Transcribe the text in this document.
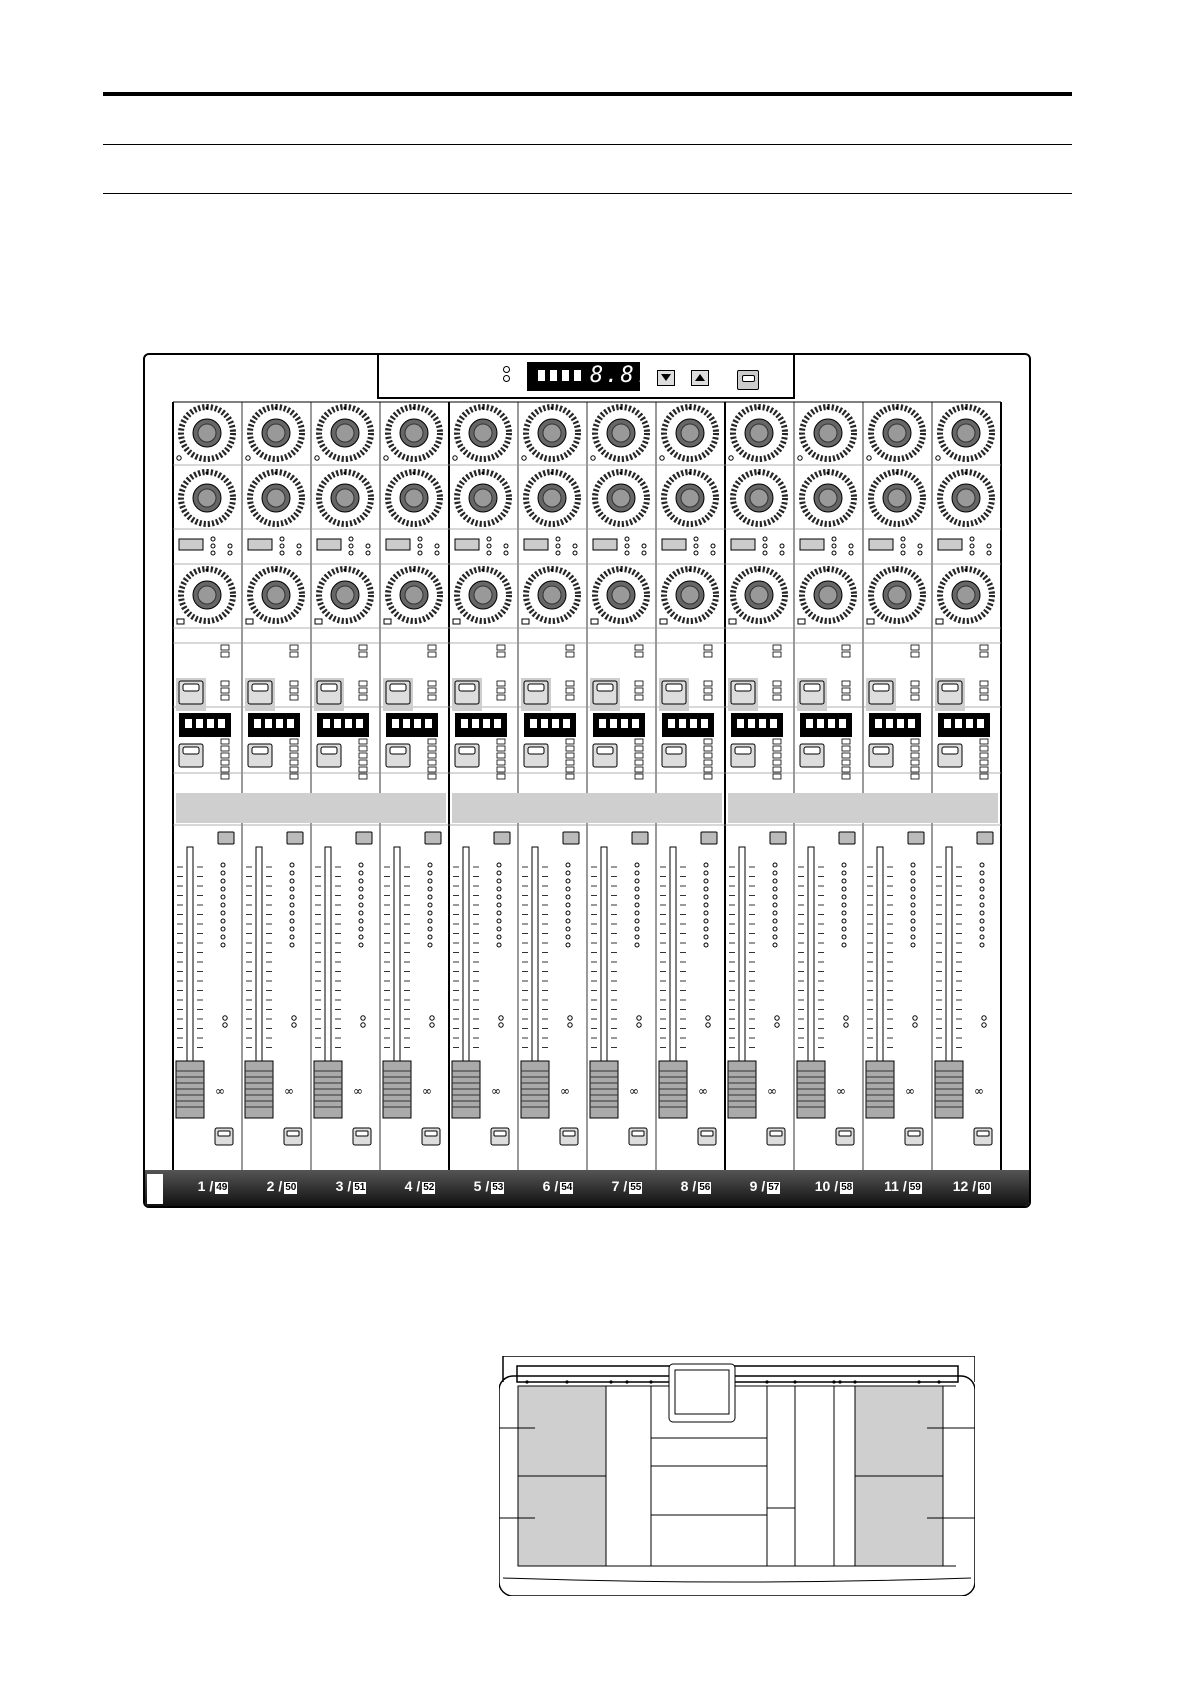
∞	∞	∞	∞	∞	∞	∞	∞	∞	∞	∞	∞
8.8.
1 / 49	2 / 50	3 / 51	4 / 52	5 / 53	6 / 54	7 / 55	8 / 56	9 / 57	10 / 58	11 / 59	12 / 60
